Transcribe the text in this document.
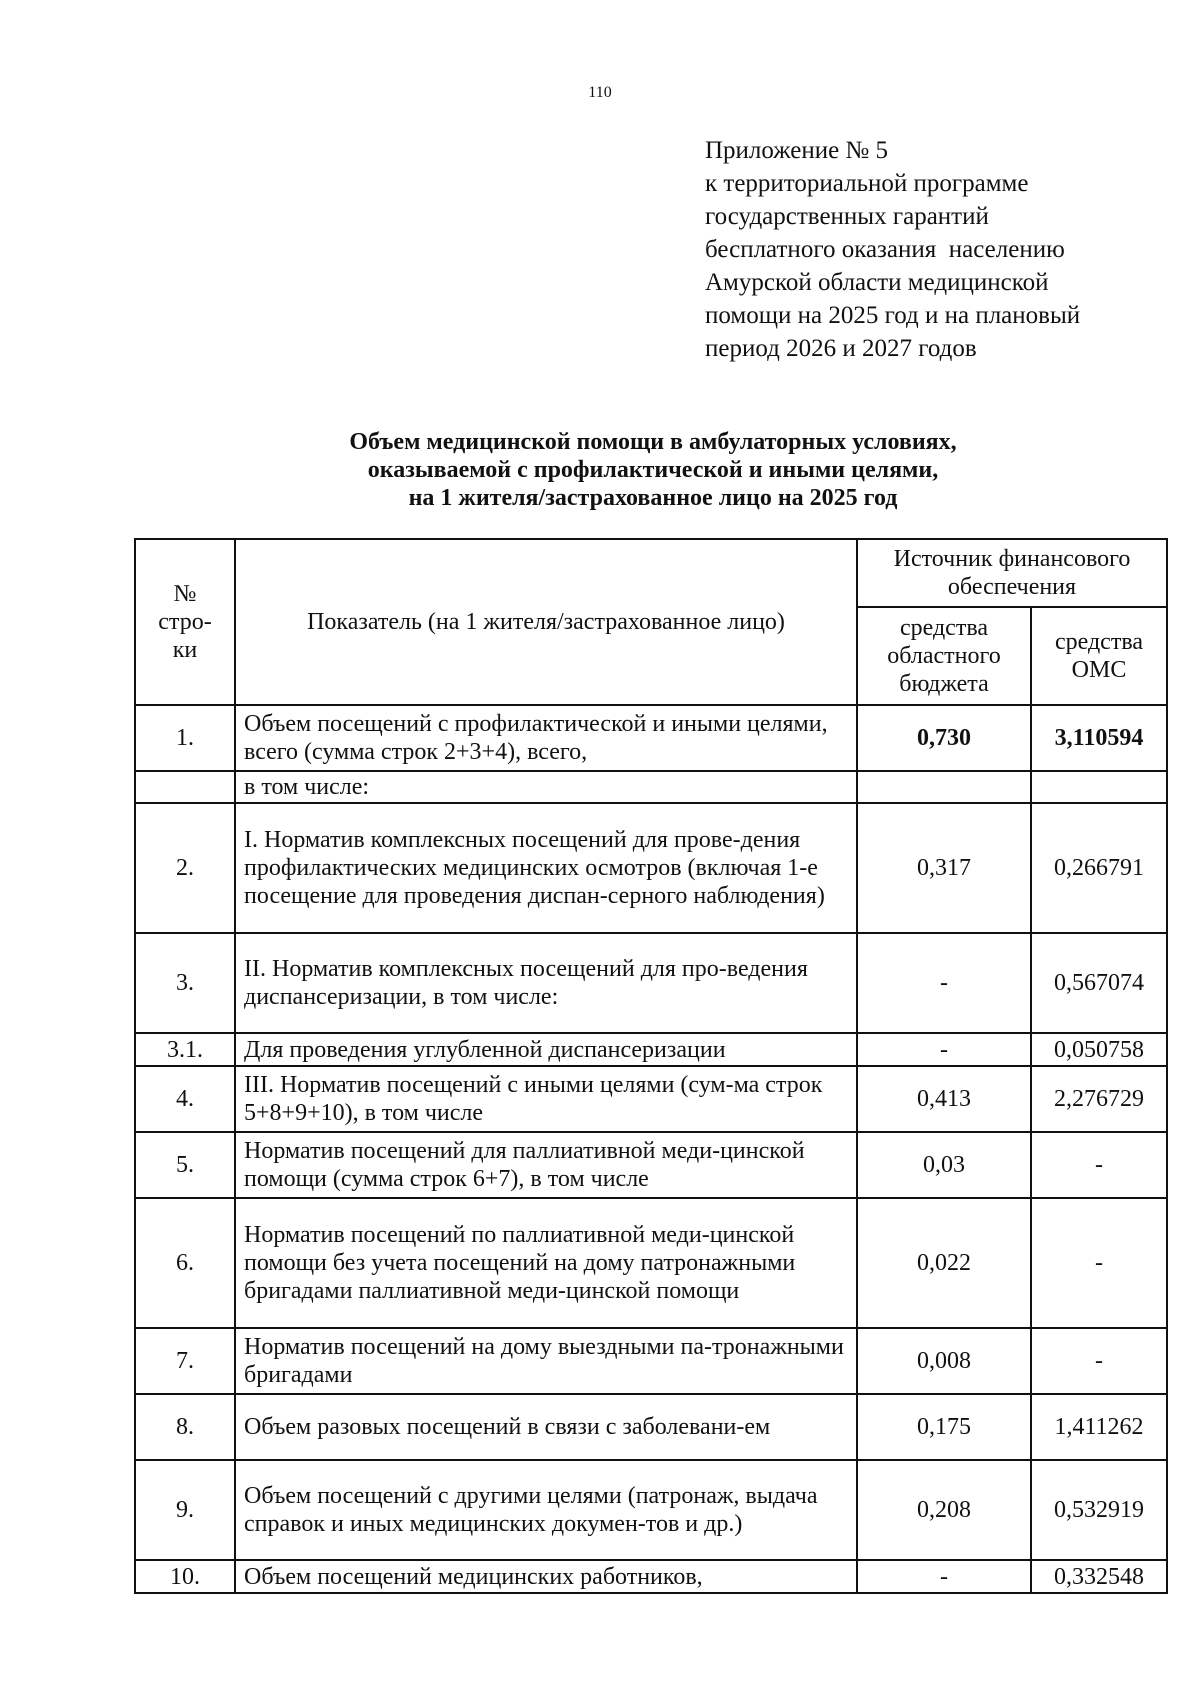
110
Приложение № 5
к территориальной программе
государственных гарантий
бесплатного оказания  населению
Амурской области медицинской
помощи на 2025 год и на плановый
период 2026 и 2027 годов
Объем медицинской помощи в амбулаторных условиях,
оказываемой с профилактической и иными целями,
на 1 жителя/застрахованное лицо на 2025 год
№ стро-ки	Показатель (на 1 жителя/застрахованное лицо)	Источник финансового обеспечения	
		средства областного бюджета	средства ОМС
1.	Объем посещений с профилактической и иными целями, всего (сумма строк 2+3+4), всего,	0,730	3,110594
	в том числе:		
2.	I. Норматив комплексных посещений для прове-дения профилактических медицинских осмотров (включая 1-е посещение для проведения диспан-серного наблюдения)	0,317	0,266791
3.	II. Норматив комплексных посещений для про-ведения диспансеризации, в том числе:	-	0,567074
3.1.	Для проведения углубленной диспансеризации	-	0,050758
4.	III. Норматив посещений с иными целями (сум-ма строк 5+8+9+10), в том числе	0,413	2,276729
5.	Норматив посещений для паллиативной меди-цинской помощи (сумма строк 6+7), в том числе	0,03	-
6.	Норматив посещений по паллиативной меди-цинской помощи без учета посещений на дому патронажными бригадами паллиативной меди-цинской помощи	0,022	-
7.	Норматив посещений на дому выездными па-тронажными бригадами	0,008	-
8.	Объем разовых посещений в связи с заболевани-ем	0,175	1,411262
9.	Объем посещений с другими целями (патронаж, выдача справок и иных медицинских докумен-тов и др.)	0,208	0,532919
10.	Объем посещений медицинских работников,	-	0,332548
